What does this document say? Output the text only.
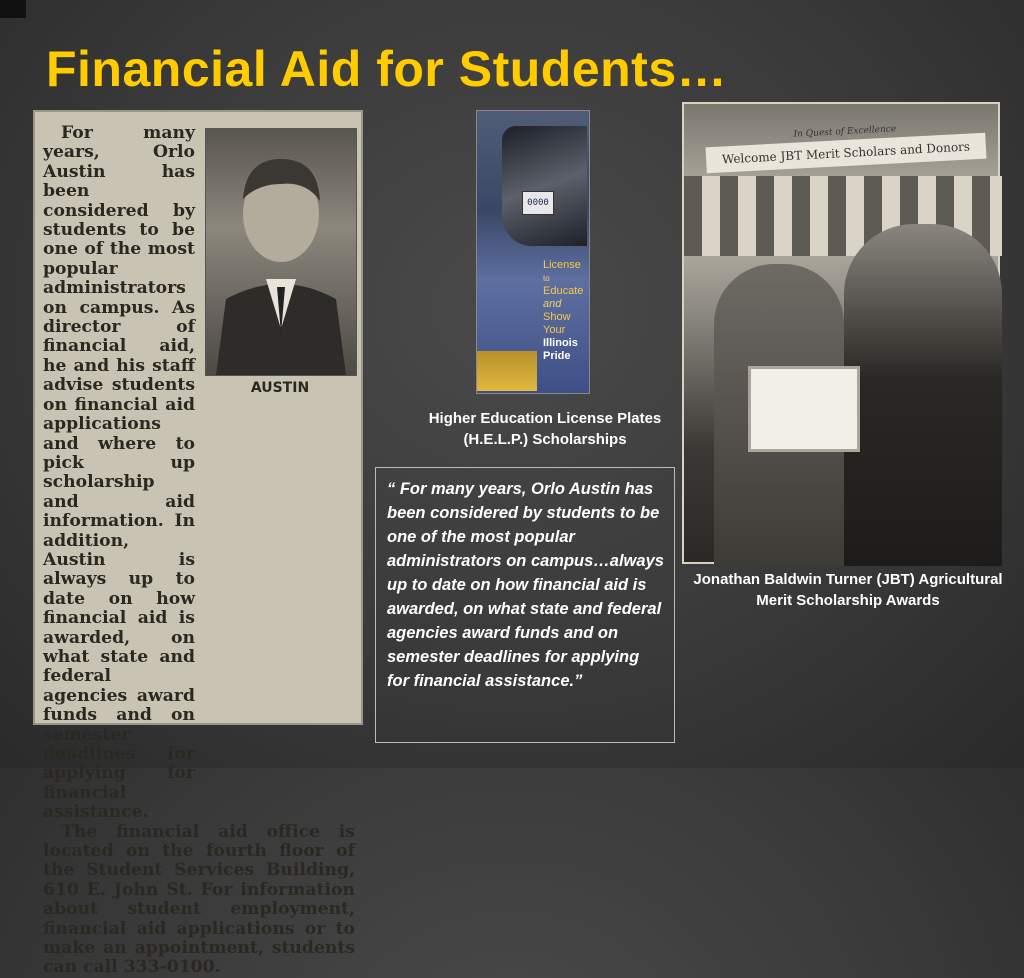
Financial Aid for Students…
AUSTIN
For many years, Orlo Austin has been considered by students to be one of the most popular administrators on campus. As director of financial aid, he and his staff advise students on financial aid applications and where to pick up scholarship and aid information. In addition, Austin is always up to date on how financial aid is awarded, on what state and federal agencies award funds and on semester deadlines for applying for financial assistance.
The financial aid office is located on the fourth floor of the Student Services Building, 610 E. John St. For information about student employment, financial aid applications or to make an appointment, students can call 333-0100.
0000
License
to
Educate
and
Show Your
Illinois
Pride
Higher Education License Plates (H.E.L.P.) Scholarships
“ For many years, Orlo Austin has been considered by students to be one of the most popular administrators on campus…always up to date on how financial aid is awarded, on what state and federal agencies award funds and on semester deadlines for applying for financial assistance.”
In Quest of Excellence
Welcome JBT Merit Scholars and Donors
Jonathan Baldwin Turner (JBT) Agricultural Merit Scholarship Awards
